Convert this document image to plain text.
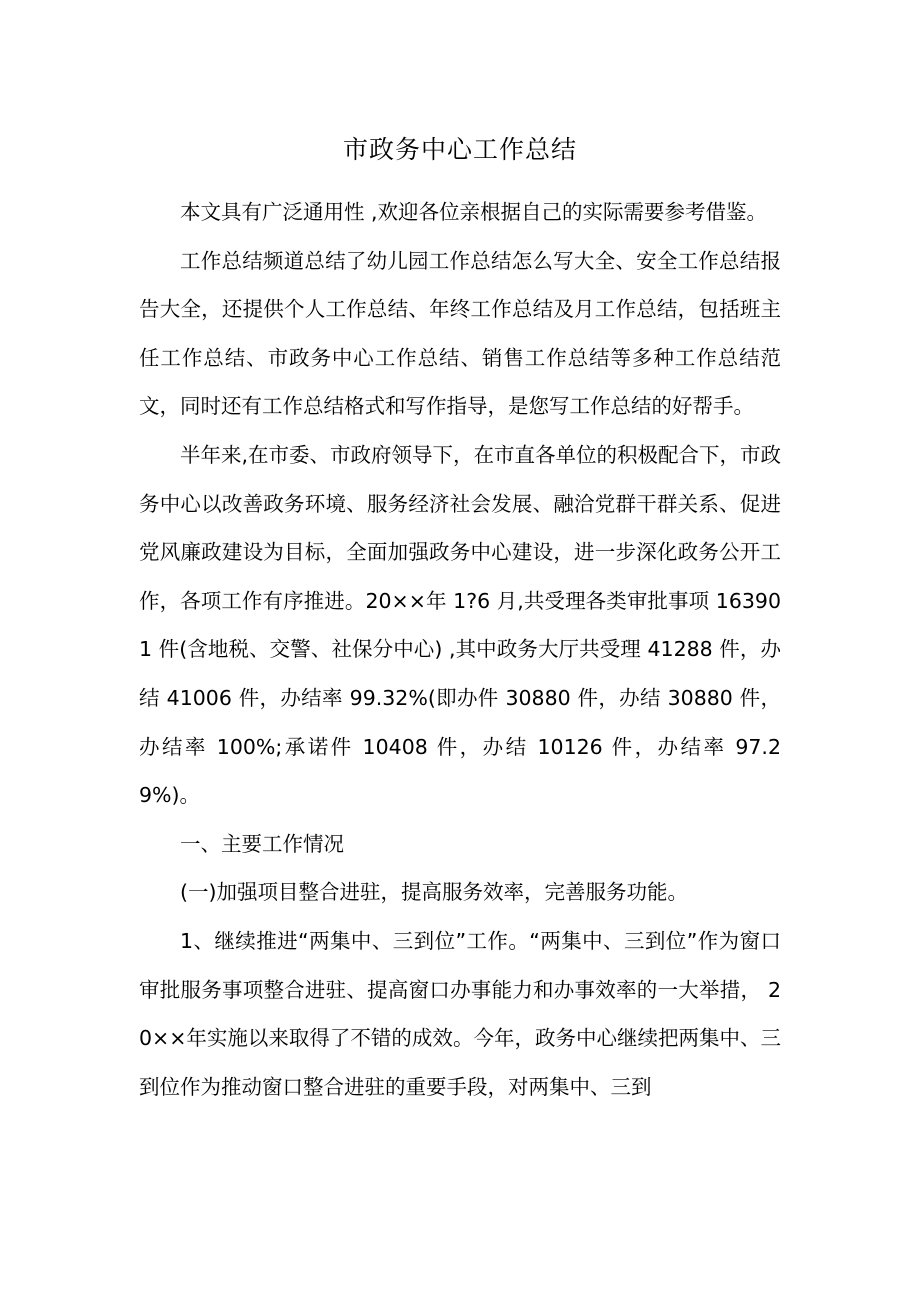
市政务中心工作总结

本文具有广泛通用性 ,欢迎各位亲根据自己的实际需要参考借鉴。

工作总结频道总结了幼儿园工作总结怎么写大全、安全工作总结报告大全，还提供个人工作总结、年终工作总结及月工作总结，包括班主任工作总结、市政务中心工作总结、销售工作总结等多种工作总结范文，同时还有工作总结格式和写作指导，是您写工作总结的好帮手。

半年来,在市委、市政府领导下，在市直各单位的积极配合下，市政务中心以改善政务环境、服务经济社会发展、融洽党群干群关系、促进党风廉政建设为目标，全面加强政务中心建设，进一步深化政务公开工作，各项工作有序推进。20××年 1?6 月,共受理各类审批事项 163901 件(含地税、交警、社保分中心) ,其中政务大厅共受理 41288 件，办结 41006 件，办结率 99.32%(即办件 30880 件，办结 30880 件，办结率 100%;承诺件 10408 件，办结 10126 件，办结率 97.29%)。

一、主要工作情况

(一)加强项目整合进驻，提高服务效率，完善服务功能。

1、继续推进“两集中、三到位”工作。“两集中、三到位”作为窗口审批服务事项整合进驻、提高窗口办事能力和办事效率的一大举措， 20××年实施以来取得了不错的成效。今年，政务中心继续把两集中、三到位作为推动窗口整合进驻的重要手段，对两集中、三到
